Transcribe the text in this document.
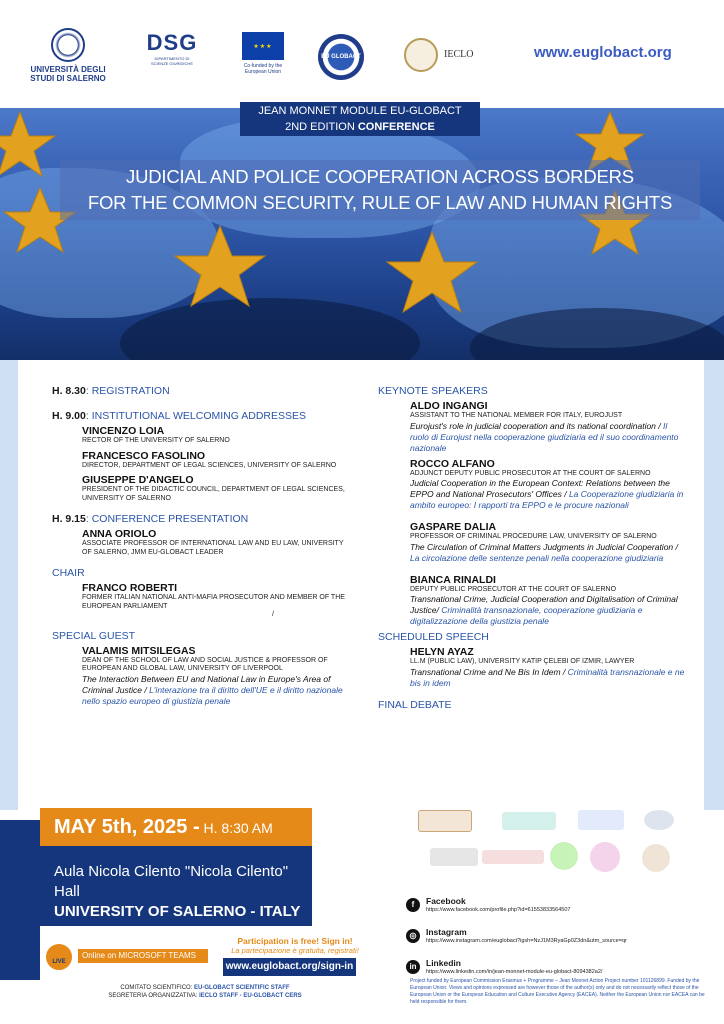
UNIVERSITÀ DEGLI STUDI DI SALERNO
DSG
DIPARTIMENTO DI SCIENZE GIURIDICHE
★★★
Co-funded by the European Union
EU GLOBACT	IECLO	www.euglobact.org
JEAN MONNET MODULE EU-GLOBACT
2ND EDITION CONFERENCE
JUDICIAL AND POLICE COOPERATION ACROSS BORDERS
FOR THE COMMON SECURITY, RULE OF LAW AND HUMAN RIGHTS
H. 8.30: REGISTRATION
H. 9.00: INSTITUTIONAL WELCOMING ADDRESSES
VINCENZO LOIA
RECTOR OF THE UNIVERSITY OF SALERNO
FRANCESCO FASOLINO
DIRECTOR, DEPARTMENT OF LEGAL SCIENCES, UNIVERSITY OF SALERNO
GIUSEPPE D'ANGELO
PRESIDENT OF THE DIDACTIC COUNCIL, DEPARTMENT OF LEGAL SCIENCES, UNIVERSITY OF SALERNO
H. 9.15: CONFERENCE PRESENTATION
ANNA ORIOLO
ASSOCIATE PROFESSOR OF INTERNATIONAL LAW AND EU LAW, UNIVERSITY OF SALERNO, JMM EU-GLOBACT LEADER
CHAIR
FRANCO ROBERTI
FORMER ITALIAN NATIONAL ANTI-MAFIA PROSECUTOR AND MEMBER OF THE EUROPEAN PARLIAMENT
/
SPECIAL GUEST
VALAMIS MITSILEGAS
DEAN OF THE SCHOOL OF LAW AND SOCIAL JUSTICE & PROFESSOR OF EUROPEAN AND GLOBAL LAW, UNIVERSITY OF LIVERPOOL
The Interaction Between EU and National Law in Europe's Area of Criminal Justice / L'interazione tra il diritto dell'UE e il diritto nazionale nello spazio europeo di giustizia penale
KEYNOTE SPEAKERS
ALDO INGANGI
ASSISTANT TO THE NATIONAL MEMBER FOR ITALY, EUROJUST
Eurojust's role in judicial cooperation and its national coordination / Il ruolo di Eurojust nella cooperazione giudiziaria ed il suo coordinamento nazionale
ROCCO ALFANO
ADJUNCT DEPUTY PUBLIC PROSECUTOR AT THE COURT OF SALERNO
Judicial Cooperation in the European Context: Relations between the EPPO and National Prosecutors' Offices / La Cooperazione giudiziaria in ambito europeo: I rapporti tra EPPO e le procure nazionali
GASPARE DALIA
PROFESSOR OF CRIMINAL PROCEDURE LAW, UNIVERSITY OF SALERNO
The Circulation of Criminal Matters Judgments in Judicial Cooperation / La circolazione delle sentenze penali nella cooperazione giudiziaria
BIANCA RINALDI
DEPUTY PUBLIC PROSECUTOR AT THE COURT OF SALERNO
Transnational Crime, Judicial Cooperation and Digitalisation of Criminal Justice/ Criminalità transnazionale, cooperazione giudiziaria e digitalizzazione della giustizia penale
SCHEDULED SPEECH
HELYN AYAZ
LL.M (PUBLIC LAW), UNIVERSITY KATIP ÇELEBI OF IZMIR, LAWYER
Transnational Crime and Ne Bis In Idem / Criminalità transnazionale e ne bis in idem
FINAL DEBATE
MAY 5th, 2025 - H. 8:30 AM
Aula Nicola Cilento "Nicola Cilento" Hall
UNIVERSITY OF SALERNO - ITALY
LIVE
Online on MICROSOFT TEAMS
Participation is free! Sign in!
La partecipazione è gratuita, registrati!
www.euglobact.org/sign-in
COMITATO SCIENTIFICO: EU-GLOBACT SCIENTIFIC STAFF
SEGRETERIA ORGANIZZATIVA: IECLO STAFF - EU-GLOBACT CERS
f	Facebook
https://www.facebook.com/profile.php?id=61553833564507
◎	Instagram
https://www.instagram.com/euglobact?igsh=NzJ1M3RyaGp0Z3dn&utm_source=qr
in	Linkedin
https://www.linkedin.com/in/jean-monnet-module-eu-globact-8094382a2/
Project funded by European Commission Erasmus + Programme – Jean Monnet Action Project number 101126899. Funded by the European Union. Views and opinions expressed are however those of the author(s) only and do not necessarily reflect those of the European Union or the European Education and Culture Executive Agency (EACEA). Neither the European Union nor EACEA can be held responsible for them.
